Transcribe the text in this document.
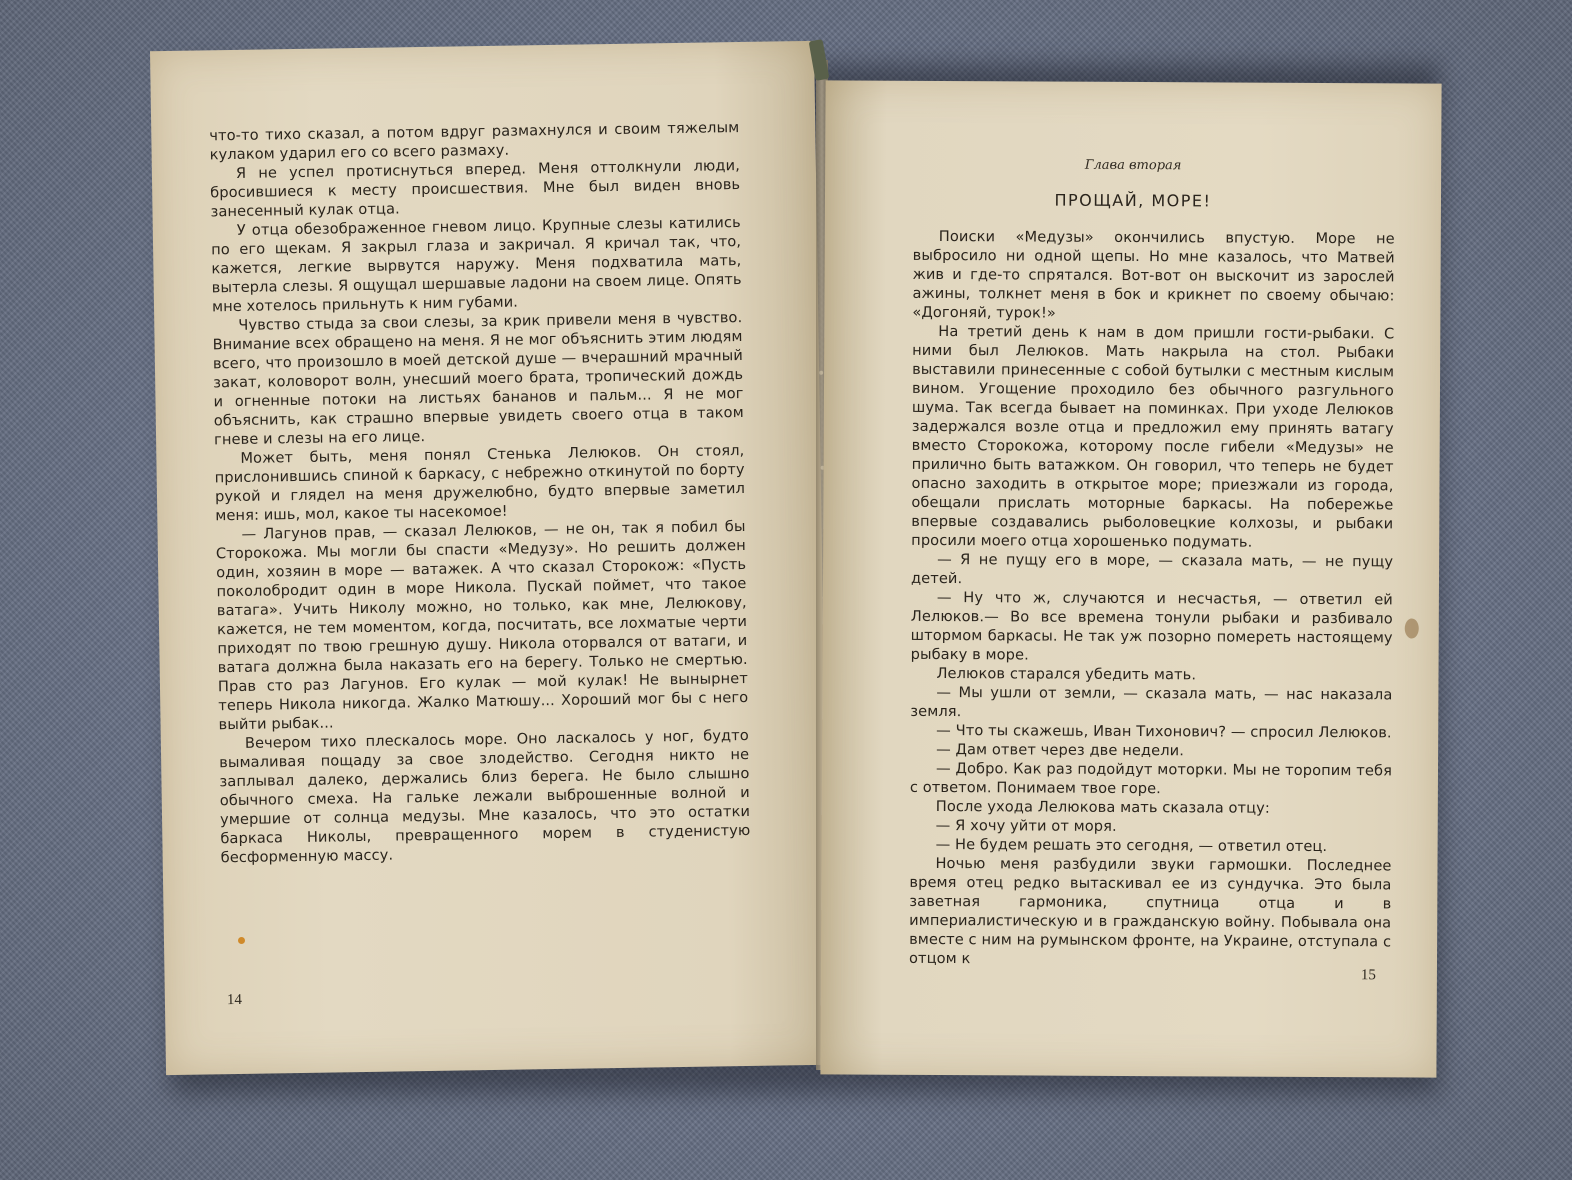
что-то тихо сказал, а потом вдруг размахнулся и своим тяжелым кулаком ударил его со всего размаху.

Я не успел протиснуться вперед. Меня оттолкнули люди, бросившиеся к месту происшествия. Мне был виден вновь занесенный кулак отца.

У отца обезображенное гневом лицо. Крупные слезы катились по его щекам. Я закрыл глаза и закричал. Я кричал так, что, кажется, легкие вырвутся наружу. Меня подхватила мать, вытерла слезы. Я ощущал шершавые ладони на своем лице. Опять мне хотелось прильнуть к ним губами.

Чувство стыда за свои слезы, за крик привели меня в чувство. Внимание всех обращено на меня. Я не мог объяснить этим людям всего, что произошло в моей детской душе — вчерашний мрачный закат, коловорот волн, унесший моего брата, тропический дождь и огненные потоки на листьях бананов и пальм... Я не мог объяснить, как страшно впервые увидеть своего отца в таком гневе и слезы на его лице.

Может быть, меня понял Стенька Лелюков. Он стоял, прислонившись спиной к баркасу, с небрежно откинутой по борту рукой и глядел на меня дружелюбно, будто впервые заметил меня: ишь, мол, какое ты насекомое!

— Лагунов прав, — сказал Лелюков, — не он, так я побил бы Сторокожа. Мы могли бы спасти «Медузу». Но решить должен один, хозяин в море — ватажек. А что сказал Сторокож: «Пусть поколобродит один в море Никола. Пускай поймет, что такое ватага». Учить Николу можно, но только, как мне, Лелюкову, кажется, не тем моментом, когда, посчитать, все лохматые черти приходят по твою грешную душу. Никола оторвался от ватаги, и ватага должна была наказать его на берегу. Только не смертью. Прав сто раз Лагунов. Его кулак — мой кулак! Не вынырнет теперь Никола никогда. Жалко Матюшу... Хороший мог бы с него выйти рыбак...

Вечером тихо плескалось море. Оно ласкалось у ног, будто вымаливая пощаду за свое злодейство. Сегодня никто не заплывал далеко, держались близ берега. Не было слышно обычного смеха. На гальке лежали выброшенные волной и умершие от солнца медузы. Мне казалось, что это остатки баркаса Николы, превращенного морем в студенистую бесформенную массу.

14
Глава вторая
ПРОЩАЙ, МОРЕ!

Поиски «Медузы» окончились впустую. Море не выбросило ни одной щепы. Но мне казалось, что Матвей жив и где-то спрятался. Вот-вот он выскочит из зарослей ажины, толкнет меня в бок и крикнет по своему обычаю: «Догоняй, турок!»

На третий день к нам в дом пришли гости-рыбаки. С ними был Лелюков. Мать накрыла на стол. Рыбаки выставили принесенные с собой бутылки с местным кислым вином. Угощение проходило без обычного разгульного шума. Так всегда бывает на поминках. При уходе Лелюков задержался возле отца и предложил ему принять ватагу вместо Сторокожа, которому после гибели «Медузы» не прилично быть ватажком. Он говорил, что теперь не будет опасно заходить в открытое море; приезжали из города, обещали прислать моторные баркасы. На побережье впервые создавались рыболовецкие колхозы, и рыбаки просили моего отца хорошенько подумать.

— Я не пущу его в море, — сказала мать, — не пущу детей.

— Ну что ж, случаются и несчастья, — ответил ей Лелюков.— Во все времена тонули рыбаки и разбивало штормом баркасы. Не так уж позорно помереть настоящему рыбаку в море.

Лелюков старался убедить мать.

— Мы ушли от земли, — сказала мать, — нас наказала земля.

— Что ты скажешь, Иван Тихонович? — спросил Лелюков.

— Дам ответ через две недели.

— Добро. Как раз подойдут моторки. Мы не торопим тебя с ответом. Понимаем твое горе.

После ухода Лелюкова мать сказала отцу:

— Я хочу уйти от моря.

— Не будем решать это сегодня, — ответил отец.

Ночью меня разбудили звуки гармошки. Последнее время отец редко вытаскивал ее из сундучка. Это была заветная гармоника, спутница отца и в империалистическую и в гражданскую войну. Побывала она вместе с ним на румынском фронте, на Украине, отступала с отцом к

15
